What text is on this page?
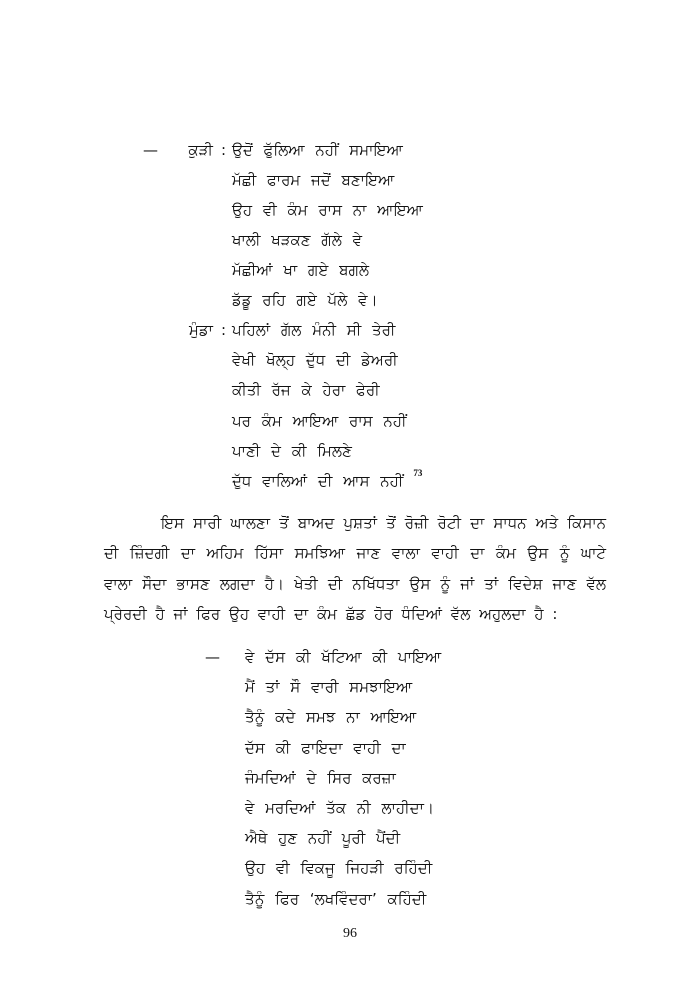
— ਕੁੜੀ : ਉਦੋਂ ਫੁੱਲਿਆ ਨਹੀਂ ਸਮਾਇਆ
ਮੱਛੀ ਫਾਰਮ ਜਦੋਂ ਬਣਾਇਆ
ਉਹ ਵੀ ਕੰਮ ਰਾਸ ਨਾ ਆਇਆ
ਖਾਲੀ ਖੜਕਣ ਗੱਲੇ ਵੇ
ਮੱਛੀਆਂ ਖਾ ਗਏ ਬਗਲੇ
ਡੱਡੂ ਰਹਿ ਗਏ ਪੱਲੇ ਵੇ।
ਮੁੰਡਾ : ਪਹਿਲਾਂ ਗੱਲ ਮੰਨੀ ਸੀ ਤੇਰੀ
ਵੇਖੀ ਖੋਲ੍ਹ ਦੁੱਧ ਦੀ ਡੇਅਰੀ
ਕੀਤੀ ਰੱਜ ਕੇ ਹੇਰਾ ਫੇਰੀ
ਪਰ ਕੰਮ ਆਇਆ ਰਾਸ ਨਹੀਂ
ਪਾਣੀ ਦੇ ਕੀ ਮਿਲਣੇ
ਦੁੱਧ ਵਾਲਿਆਂ ਦੀ ਆਸ ਨਹੀਂ $^{73}$

ਇਸ ਸਾਰੀ ਘਾਲਣਾ ਤੋਂ ਬਾਅਦ ਪੁਸ਼ਤਾਂ ਤੋਂ ਰੋਜ਼ੀ ਰੋਟੀ ਦਾ ਸਾਧਨ ਅਤੇ ਕਿਸਾਨ ਦੀ ਜ਼ਿੰਦਗੀ ਦਾ ਅਹਿਮ ਹਿੱਸਾ ਸਮਝਿਆ ਜਾਣ ਵਾਲਾ ਵਾਹੀ ਦਾ ਕੰਮ ਉਸ ਨੂੰ ਘਾਟੇ ਵਾਲਾ ਸੌਦਾ ਭਾਸਣ ਲਗਦਾ ਹੈ। ਖੇਤੀ ਦੀ ਨਖਿੱਧਤਾ ਉਸ ਨੂੰ ਜਾਂ ਤਾਂ ਵਿਦੇਸ਼ ਜਾਣ ਵੱਲ ਪ੍ਰੇਰਦੀ ਹੈ ਜਾਂ ਫਿਰ ਉਹ ਵਾਹੀ ਦਾ ਕੰਮ ਛੱਡ ਹੋਰ ਧੰਦਿਆਂ ਵੱਲ ਅਹੁਲਦਾ ਹੈ :

— ਵੇ ਦੱਸ ਕੀ ਖੱਟਿਆ ਕੀ ਪਾਇਆ
ਮੈਂ ਤਾਂ ਸੌ ਵਾਰੀ ਸਮਝਾਇਆ
ਤੈਨੂੰ ਕਦੇ ਸਮਝ ਨਾ ਆਇਆ
ਦੱਸ ਕੀ ਫਾਇਦਾ ਵਾਹੀ ਦਾ
ਜੰਮਦਿਆਂ ਦੇ ਸਿਰ ਕਰਜ਼ਾ
ਵੇ ਮਰਦਿਆਂ ਤੱਕ ਨੀ ਲਾਹੀਦਾ।
ਐਥੇ ਹੁਣ ਨਹੀਂ ਪੂਰੀ ਪੈਂਦੀ
ਉਹ ਵੀ ਵਿਕਜੂ ਜਿਹੜੀ ਰਹਿੰਦੀ
ਤੈਨੂੰ ਫਿਰ ‘ਲਖਵਿੰਦਰਾ’ ਕਹਿੰਦੀ
96
